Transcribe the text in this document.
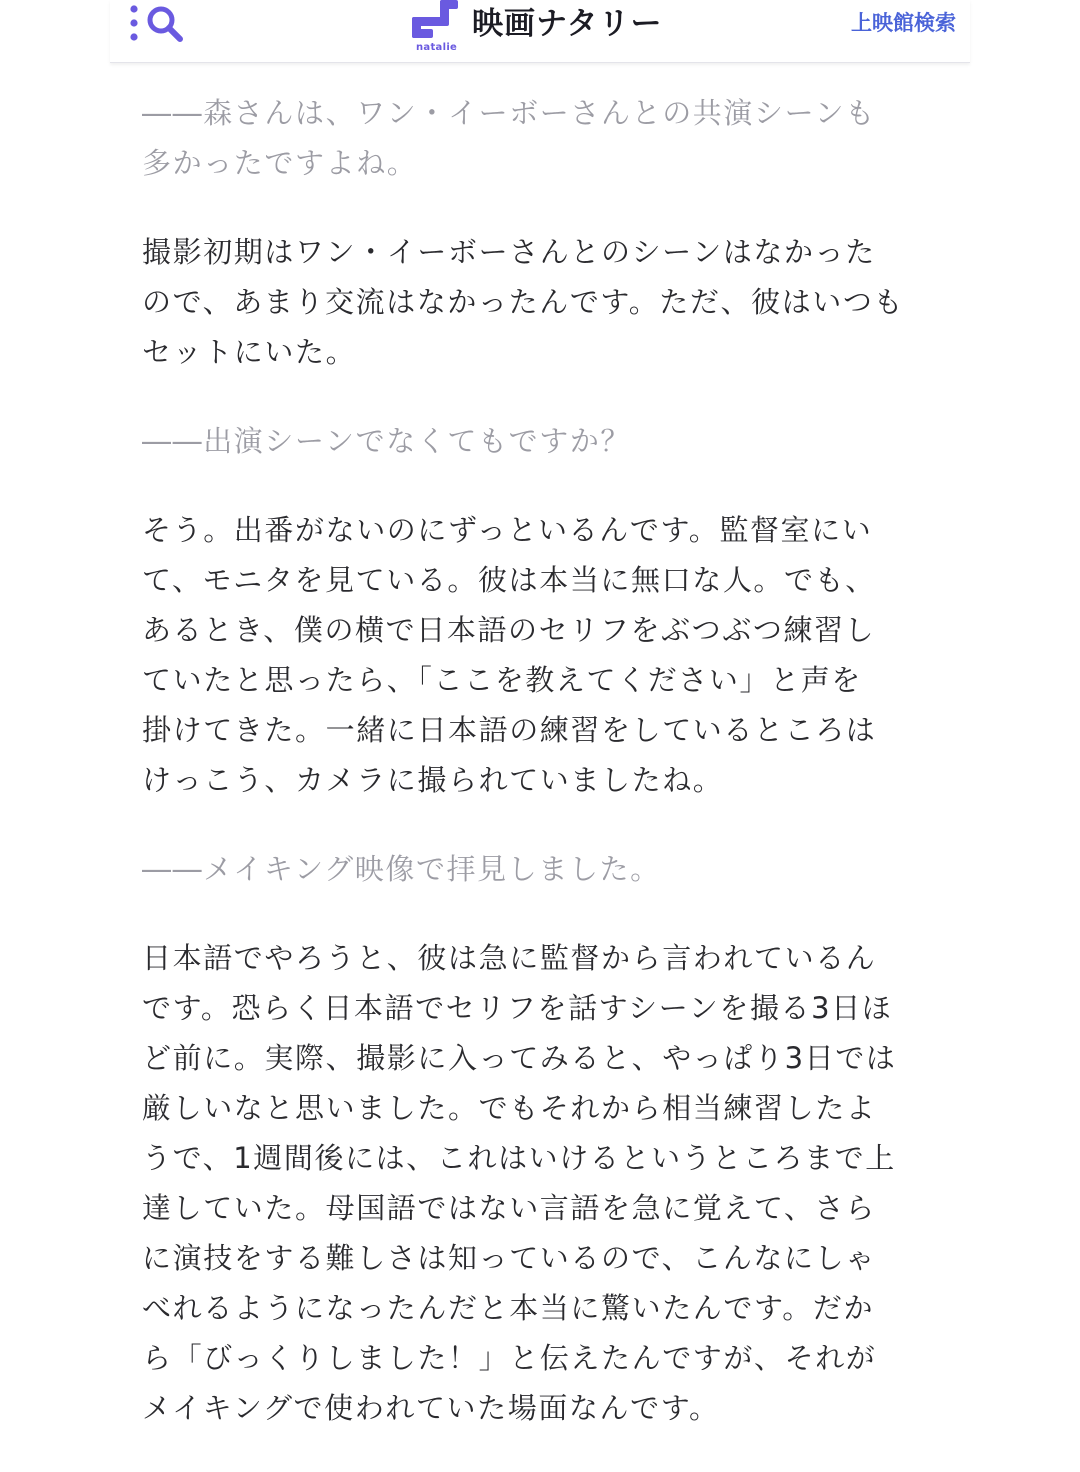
natalie
映画ナタリー	上映館検索

――森さんは、ワン・イーボーさんとの共演シーンも
多かったですよね。

撮影初期はワン・イーボーさんとのシーンはなかった
ので、あまり交流はなかったんです。ただ、彼はいつも
セットにいた。

――出演シーンでなくてもですか？

そう。出番がないのにずっといるんです。監督室にい
て、モニタを見ている。彼は本当に無口な人。でも、
あるとき、僕の横で日本語のセリフをぶつぶつ練習し
ていたと思ったら、「ここを教えてください」と声を
掛けてきた。一緒に日本語の練習をしているところは
けっこう、カメラに撮られていましたね。

――メイキング映像で拝見しました。

日本語でやろうと、彼は急に監督から言われているん
です。恐らく日本語でセリフを話すシーンを撮る3日ほ
ど前に。実際、撮影に入ってみると、やっぱり3日では
厳しいなと思いました。でもそれから相当練習したよ
うで、1週間後には、これはいけるというところまで上
達していた。母国語ではない言語を急に覚えて、さら
に演技をする難しさは知っているので、こんなにしゃ
べれるようになったんだと本当に驚いたんです。だか
ら「びっくりしました！」と伝えたんですが、それが
メイキングで使われていた場面なんです。
